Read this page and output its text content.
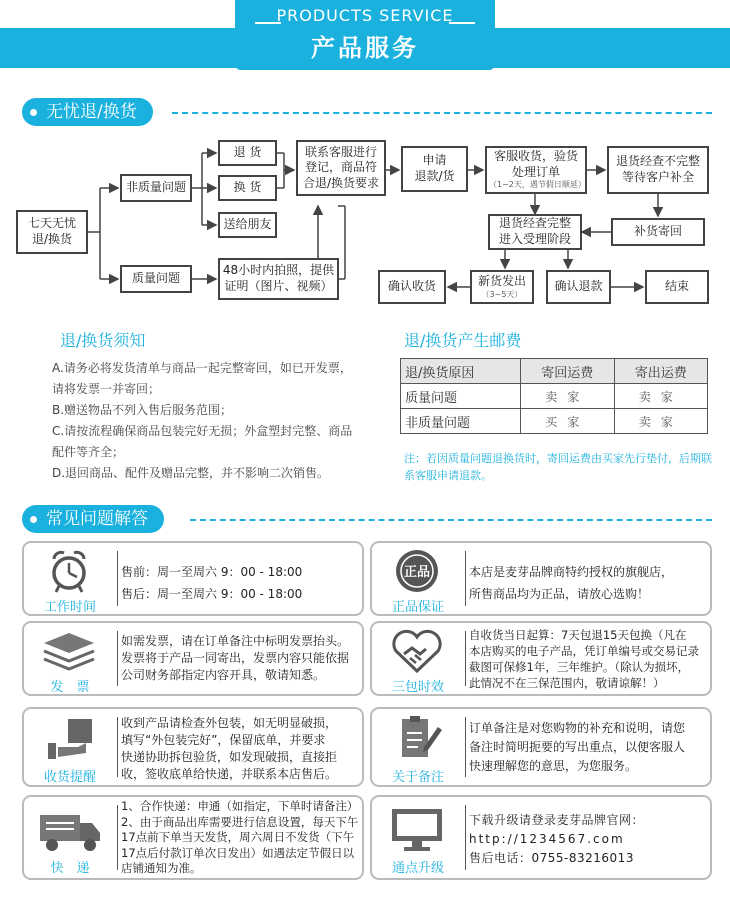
PRODUCTS SERVICE
产品服务
无忧退/换货
七天无忧
退/换货
非质量问题
质量问题
退 货
换 货
送给朋友
联系客服进行
登记，商品符
合退/换货要求
48小时内拍照，提供
证明（图片、视频）
申请
退款/货
客服收货，验货
处理订单
（1~2天，遇节假日顺延）
退货经查不完整
等待客户补全
补货寄回
退货经查完整
进入受理阶段
确认退款	结束
新货发出
（3~5天）
确认收货
退/换货须知
A.请务必将发货清单与商品一起完整寄回，如已开发票，
请将发票一并寄回；
B.赠送物品不列入售后服务范围；
C.请按流程确保商品包装完好无损；外盒塑封完整、商品
配件等齐全；
D.退回商品、配件及赠品完整，并不影响二次销售。
退/换货产生邮费
退/换货原因	寄回运费	寄出运费
质量问题	卖家	卖家
非质量问题	买家	卖家
注：若因质量问题退换货时，寄回运费由买家先行垫付，后期联系客服申请退款。
常见问题解答
工作时间
售前：周一至周六 9：00 - 18:00
售后：周一至周六 9：00 - 18:00
正品
正品保证
本店是麦芽品牌商特约授权的旗舰店，
所售商品均为正品，请放心选购！
发　票
如需发票，请在订单备注中标明发票抬头。
发票将于产品一同寄出，发票内容只能依据
公司财务部指定内容开具，敬请知悉。
三包时效
自收货当日起算：7天包退15天包换（凡在
本店购买的电子产品，凭订单编号或交易记录
截图可保修1年，三年维护。（除认为损坏，
此情况不在三保范围内，敬请谅解！）
收货提醒
收到产品请检查外包装，如无明显破损，
填写“外包装完好”，保留底单，并要求
快递协助拆包验货，如发现破损，直接拒
收，签收底单给快递，并联系本店售后。	关于备注
订单备注是对您购物的补充和说明，请您
备注时简明扼要的写出重点，以便客服人
快速理解您的意思，为您服务。
快　递
1、合作快递：申通（如指定，下单时请备注）
2、由于商品出库需要进行信息设置，每天下午
17点前下单当天发货，周六周日不发货（下午
17点后付款订单次日发出）如遇法定节假日以
店铺通知为准。	通点升级
下载升级请登录麦芽品牌官网：
http://1234567.com
售后电话：0755-83216013
